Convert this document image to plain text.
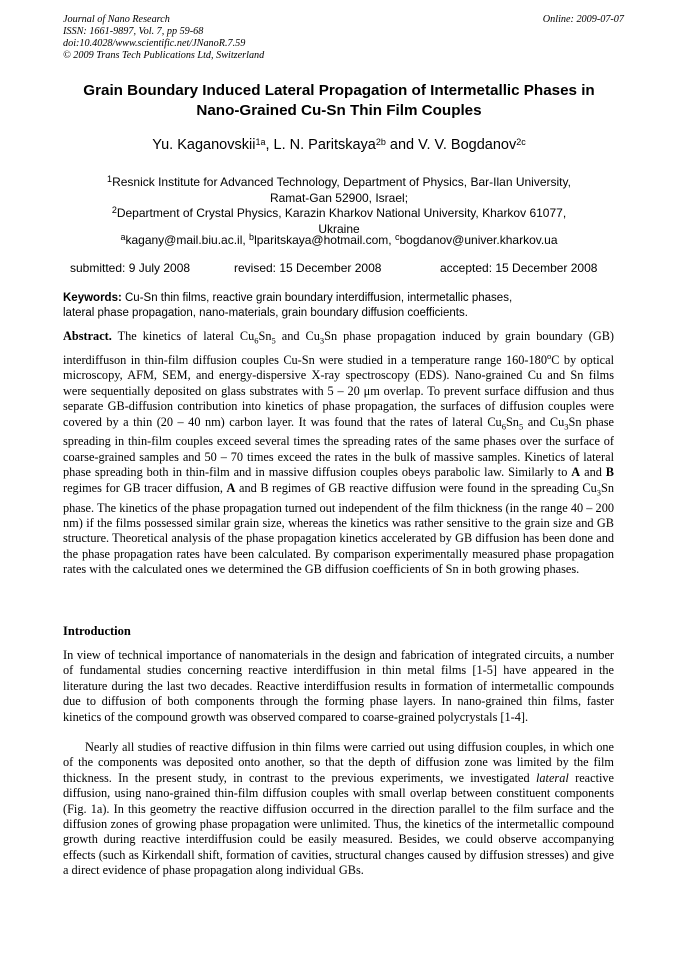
Journal of Nano Research
ISSN: 1661-9897, Vol. 7, pp 59-68
doi:10.4028/www.scientific.net/JNanoR.7.59
© 2009 Trans Tech Publications Ltd, Switzerland
Online: 2009-07-07
Grain Boundary Induced Lateral Propagation of Intermetallic Phases in
Nano-Grained Cu-Sn Thin Film Couples
Yu. Kaganovskii$^{1a}$, L. N. Paritskaya$^{2b}$ and V. V. Bogdanov$^{2c}$
$^1$Resnick Institute for Advanced Technology, Department of Physics, Bar-Ilan University,
Ramat-Gan 52900, Israel;
$^2$Department of Crystal Physics, Karazin Kharkov National University, Kharkov 61077,
Ukraine
$^a$kagany@mail.biu.ac.il, $^b$lparitskaya@hotmail.com, $^c$bogdanov@univer.kharkov.ua
submitted: 9 July 2008	revised: 15 December 2008	accepted: 15 December 2008
Keywords: Cu-Sn thin films, reactive grain boundary interdiffusion, intermetallic phases,
lateral phase propagation, nano-materials, grain boundary diffusion coefficients.
Abstract. The kinetics of lateral $Cu_6Sn_5$ and $Cu_3Sn$ phase propagation induced by grain boundary (GB) interdiffuson in thin-film diffusion couples Cu-Sn were studied in a temperature range 160-180$^o$C by optical microscopy, AFM, SEM, and energy-dispersive X-ray spectroscopy (EDS). Nano-grained Cu and Sn films were sequentially deposited on glass substrates with 5 – 20 μm overlap. To prevent surface diffusion and thus separate GB-diffusion contribution into kinetics of phase propagation, the surfaces of diffusion couples were covered by a thin (20 – 40 nm) carbon layer. It was found that the rates of lateral $Cu_6Sn_5$ and $Cu_3Sn$ phase spreading in thin-film couples exceed several times the spreading rates of the same phases over the surface of coarse-grained samples and 50 – 70 times exceed the rates in the bulk of massive samples. Kinetics of lateral phase spreading both in thin-film and in massive diffusion couples obeys parabolic law. Similarly to A and B regimes for GB tracer diffusion, A and B regimes of GB reactive diffusion were found in the spreading $Cu_3Sn$ phase. The kinetics of the phase propagation turned out independent of the film thickness (in the range 40 – 200 nm) if the films possessed similar grain size, whereas the kinetics was rather sensitive to the grain size and GB structure. Theoretical analysis of the phase propagation kinetics accelerated by GB diffusion has been done and the phase propagation rates have been calculated. By comparison experimentally measured phase propagation rates with the calculated ones we determined the GB diffusion coefficients of Sn in both growing phases.
Introduction
In view of technical importance of nanomaterials in the design and fabrication of integrated circuits, a number of fundamental studies concerning reactive interdiffusion in thin metal films [1-5] have appeared in the literature during the last two decades. Reactive interdiffusion results in formation of intermetallic compounds due to diffusion of both components through the forming phase layers. In nano-grained thin films, faster kinetics of the compound growth was observed compared to coarse-grained polycrystals [1-4].
Nearly all studies of reactive diffusion in thin films were carried out using diffusion couples, in which one of the components was deposited onto another, so that the depth of diffusion zone was limited by the film thickness. In the present study, in contrast to the previous experiments, we investigated lateral reactive diffusion, using nano-grained thin-film diffusion couples with small overlap between constituent components (Fig. 1a). In this geometry the reactive diffusion occurred in the direction parallel to the film surface and the diffusion zones of growing phase propagation were unlimited. Thus, the kinetics of the intermetallic compound growth during reactive interdiffusion could be easily measured. Besides, we could observe accompanying effects (such as Kirkendall shift, formation of cavities, structural changes caused by diffusion stresses) and give a direct evidence of phase propagation along individual GBs.
